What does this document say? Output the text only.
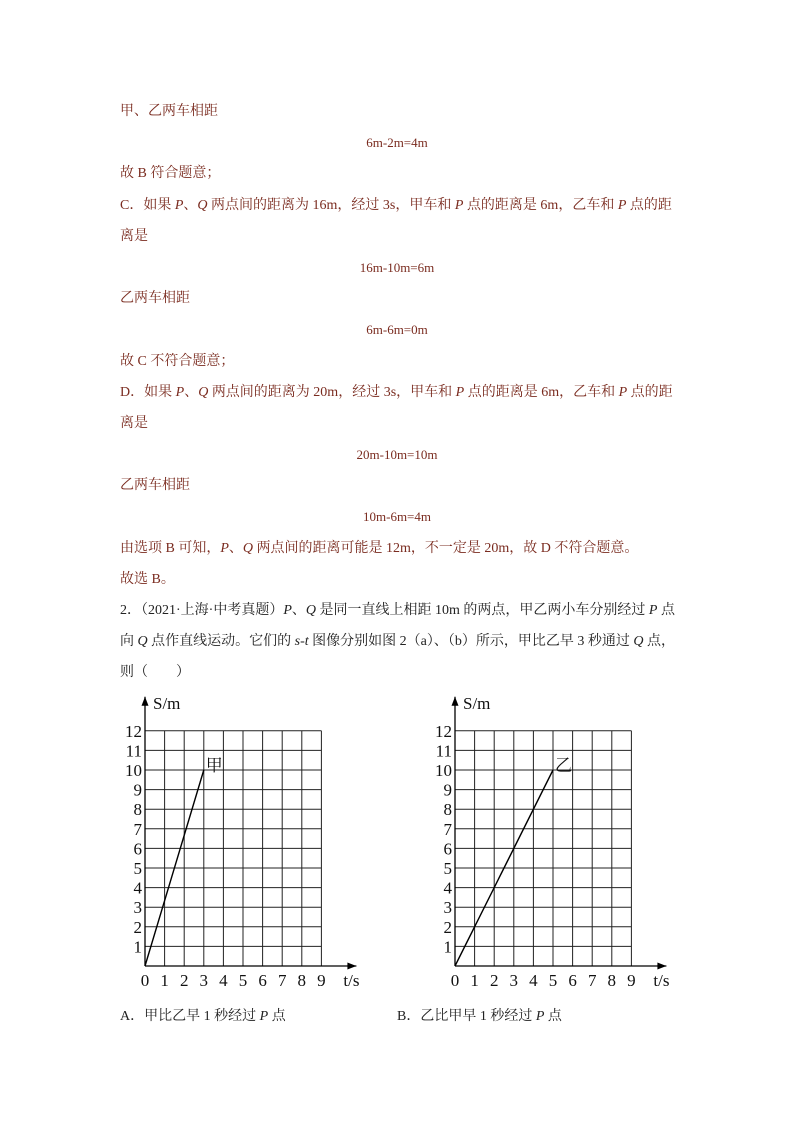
甲、乙两车相距
6m-2m=4m
故 B 符合题意；
C．如果 P、Q 两点间的距离为 16m，经过 3s，甲车和 P 点的距离是 6m，乙车和 P 点的距
离是
16m-10m=6m
乙两车相距
6m-6m=0m
故 C 不符合题意；
D．如果 P、Q 两点间的距离为 20m，经过 3s，甲车和 P 点的距离是 6m，乙车和 P 点的距
离是
20m-10m=10m
乙两车相距
10m-6m=4m
由选项 B 可知，P、Q 两点间的距离可能是 12m，不一定是 20m，故 D 不符合题意。
故选 B。
2．（2021·上海·中考真题）P、Q 是同一直线上相距 10m 的两点，甲乙两小车分别经过 P 点
向 Q 点作直线运动。它们的 s-t 图像分别如图 2（a）、（b）所示，甲比乙早 3 秒通过 Q 点，
则（　　）
0 1 2 3 4 5 6 7 8 9
1
2
3
4
5
6
7
8
9
10
11
12
S/m
t/s
甲
0 1 2 3 4 5 6 7 8 9
1
2
3
4
5
6
7
8
9
10
11
12
S/m
t/s
乙
A．甲比乙早 1 秒经过 P 点	B．乙比甲早 1 秒经过 P 点
